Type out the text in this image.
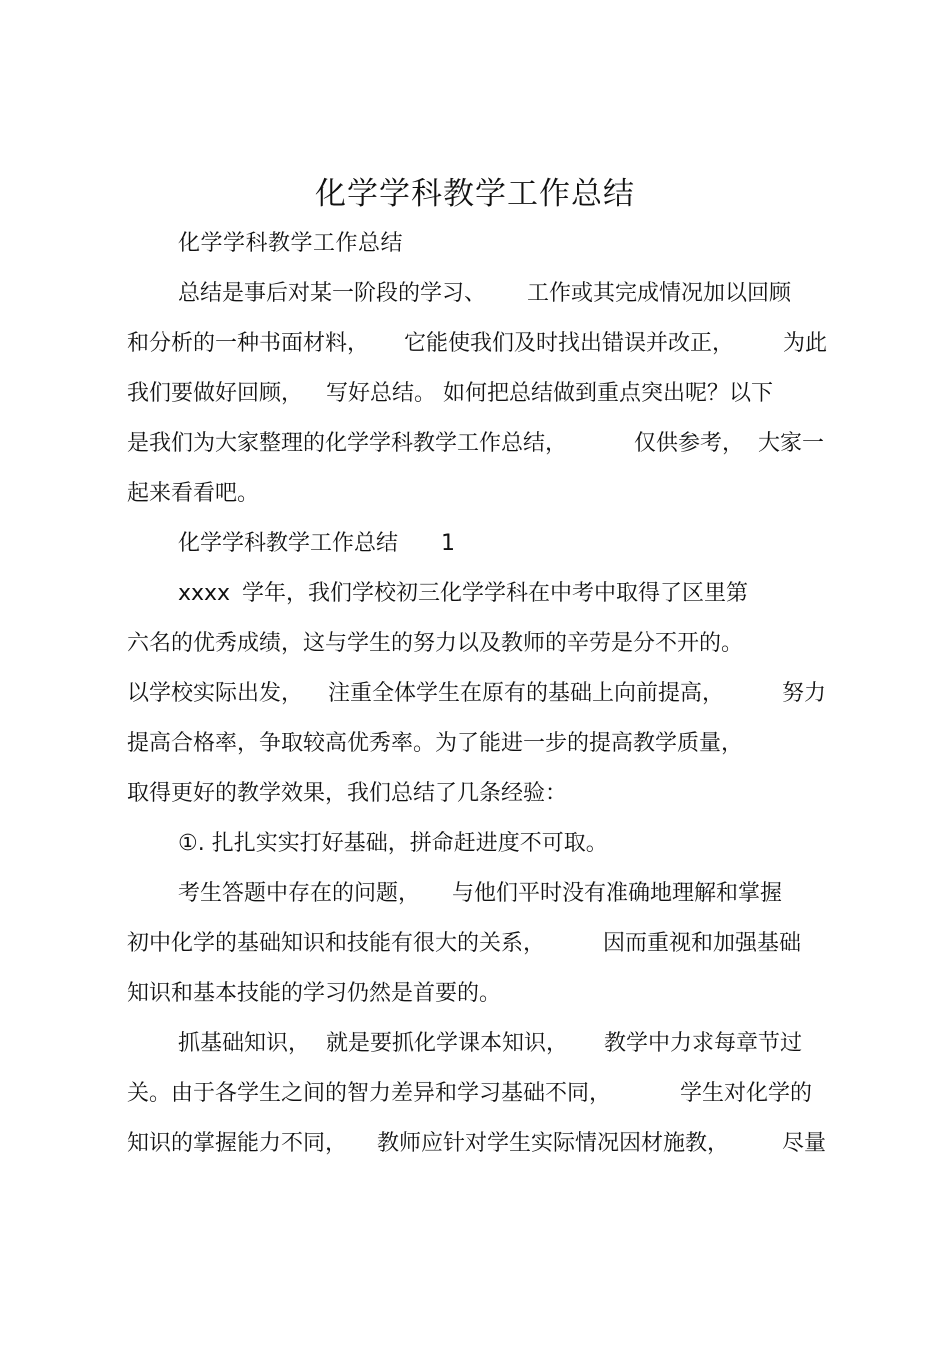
化学学科教学工作总结
化学学科教学工作总结
总结是事后对某一阶段的学习、 工作或其完成情况加以回顾
和分析的一种书面材料， 它能使我们及时找出错误并改正， 为此
我们要做好回顾， 写好总结。 如何把总结做到重点突出呢？以下
是我们为大家整理的化学学科教学工作总结，	仅供参考， 大家一
起来看看吧。
化学学科教学工作总结 1
xxxx 学年，我们学校初三化学学科在中考中取得了区里第
六名的优秀成绩，这与学生的努力以及教师的辛劳是分不开的。
以学校实际出发， 注重全体学生在原有的基础上向前提高，	努力
提高合格率，争取较高优秀率。为了能进一步的提高教学质量，
取得更好的教学效果，我们总结了几条经验：
①. 扎扎实实打好基础，拼命赶进度不可取。
考生答题中存在的问题， 与他们平时没有准确地理解和掌握
初中化学的基础知识和技能有很大的关系，	因而重视和加强基础
知识和基本技能的学习仍然是首要的。
抓基础知识， 就是要抓化学课本知识， 教学中力求每章节过
关。由于各学生之间的智力差异和学习基础不同，	学生对化学的
知识的掌握能力不同， 教师应针对学生实际情况因材施教， 尽量
